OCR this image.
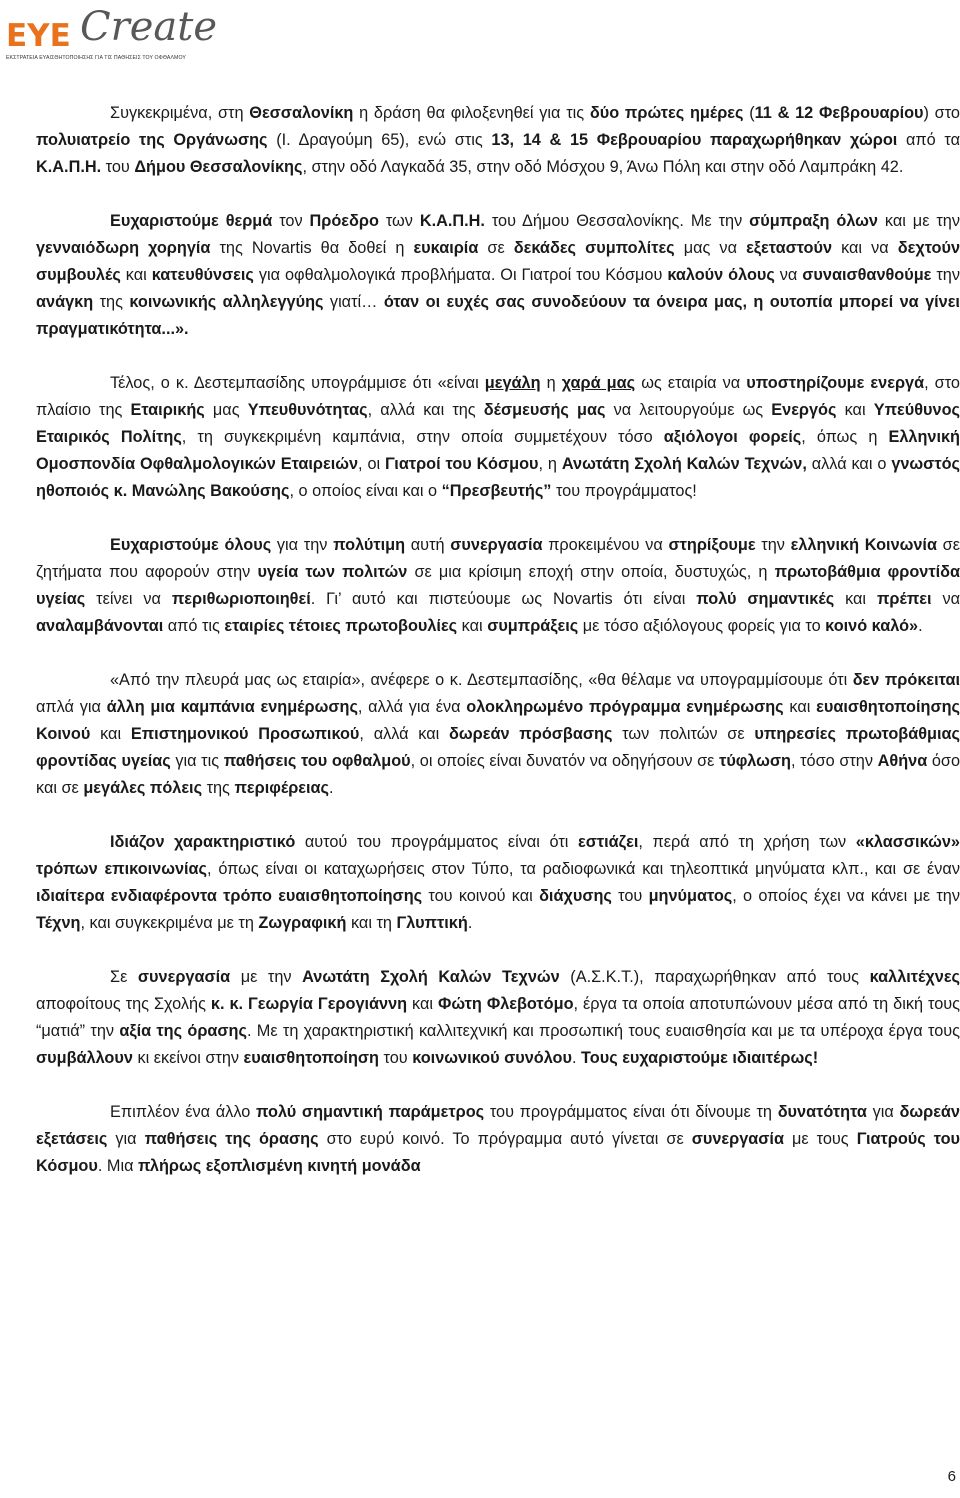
EYE Create
ΕΚΣΤΡΑΤΕΙΑ ΕΥΑΙΣΘΗΤΟΠΟΙΗΣΗΣ ΓΙΑ ΤΙΣ ΠΑΘΗΣΕΙΣ ΤΟΥ ΟΦΘΑΛΜΟΥ

Συγκεκριμένα, στη Θεσσαλονίκη η δράση θα φιλοξενηθεί για τις δύο πρώτες ημέρες (11 & 12 Φεβρουαρίου) στο πολυιατρείο της Οργάνωσης (Ι. Δραγούμη 65), ενώ στις 13, 14 & 15 Φεβρουαρίου παραχωρήθηκαν χώροι από τα Κ.Α.Π.Η. του Δήμου Θεσσαλονίκης, στην οδό Λαγκαδά 35, στην οδό Μόσχου 9, Άνω Πόλη και στην οδό Λαμπράκη 42.

Ευχαριστούμε θερμά τον Πρόεδρο των Κ.Α.Π.Η. του Δήμου Θεσσαλονίκης. Με την σύμπραξη όλων και με την γενναιόδωρη χορηγία της Novartis θα δοθεί η ευκαιρία σε δεκάδες συμπολίτες μας να εξεταστούν και να δεχτούν συμβουλές και κατευθύνσεις για οφθαλμολογικά προβλήματα. Οι Γιατροί του Κόσμου καλούν όλους να συναισθανθούμε την ανάγκη της κοινωνικής αλληλεγγύης γιατί… όταν οι ευχές σας συνοδεύουν τα όνειρα μας, η ουτοπία μπορεί να γίνει πραγματικότητα...».

Τέλος, ο κ. Δεστεμπασίδης υπογράμμισε ότι «είναι μεγάλη η χαρά μας ως εταιρία να υποστηρίζουμε ενεργά, στο πλαίσιο της Εταιρικής μας Υπευθυνότητας, αλλά και της δέσμευσής μας να λειτουργούμε ως Ενεργός και Υπεύθυνος Εταιρικός Πολίτης, τη συγκεκριμένη καμπάνια, στην οποία συμμετέχουν τόσο αξιόλογοι φορείς, όπως η Ελληνική Ομοσπονδία Οφθαλμολογικών Εταιρειών, οι Γιατροί του Κόσμου, η Ανωτάτη Σχολή Καλών Τεχνών, αλλά και ο γνωστός ηθοποιός κ. Μανώλης Βακούσης, ο οποίος είναι και ο “Πρεσβευτής” του προγράμματος!

Ευχαριστούμε όλους για την πολύτιμη αυτή συνεργασία προκειμένου να στηρίξουμε την ελληνική Κοινωνία σε ζητήματα που αφορούν στην υγεία των πολιτών σε μια κρίσιμη εποχή στην οποία, δυστυχώς, η πρωτοβάθμια φροντίδα υγείας τείνει να περιθωριοποιηθεί. Γι’ αυτό και πιστεύουμε ως Novartis ότι είναι πολύ σημαντικές και πρέπει να αναλαμβάνονται από τις εταιρίες τέτοιες πρωτοβουλίες και συμπράξεις με τόσο αξιόλογους φορείς για το κοινό καλό».

«Από την πλευρά μας ως εταιρία», ανέφερε ο κ. Δεστεμπασίδης, «θα θέλαμε να υπογραμμίσουμε ότι δεν πρόκειται απλά για άλλη μια καμπάνια ενημέρωσης, αλλά για ένα ολοκληρωμένο πρόγραμμα ενημέρωσης και ευαισθητοποίησης Κοινού και Επιστημονικού Προσωπικού, αλλά και δωρεάν πρόσβασης των πολιτών σε υπηρεσίες πρωτοβάθμιας φροντίδας υγείας για τις παθήσεις του οφθαλμού, οι οποίες είναι δυνατόν να οδηγήσουν σε τύφλωση, τόσο στην Αθήνα όσο και σε μεγάλες πόλεις της περιφέρειας.

Ιδιάζον χαρακτηριστικό αυτού του προγράμματος είναι ότι εστιάζει, περά από τη χρήση των «κλασσικών» τρόπων επικοινωνίας, όπως είναι οι καταχωρήσεις στον Τύπο, τα ραδιοφωνικά και τηλεοπτικά μηνύματα κλπ., και σε έναν ιδιαίτερα ενδιαφέροντα τρόπο ευαισθητοποίησης του κοινού και διάχυσης του μηνύματος, ο οποίος έχει να κάνει με την Τέχνη, και συγκεκριμένα με τη Ζωγραφική και τη Γλυπτική.

Σε συνεργασία με την Ανωτάτη Σχολή Καλών Τεχνών (Α.Σ.Κ.Τ.), παραχωρήθηκαν από τους καλλιτέχνες αποφοίτους της Σχολής κ. κ. Γεωργία Γερογιάννη και Φώτη Φλεβοτόμο, έργα τα οποία αποτυπώνουν μέσα από τη δική τους “ματιά” την αξία της όρασης. Με τη χαρακτηριστική καλλιτεχνική και προσωπική τους ευαισθησία και με τα υπέροχα έργα τους συμβάλλουν κι εκείνοι στην ευαισθητοποίηση του κοινωνικού συνόλου. Τους ευχαριστούμε ιδιαιτέρως!

Επιπλέον ένα άλλο πολύ σημαντική παράμετρος του προγράμματος είναι ότι δίνουμε τη δυνατότητα για δωρεάν εξετάσεις για παθήσεις της όρασης στο ευρύ κοινό. Το πρόγραμμα αυτό γίνεται σε συνεργασία με τους Γιατρούς του Κόσμου. Μια πλήρως εξοπλισμένη κινητή μονάδα

6
